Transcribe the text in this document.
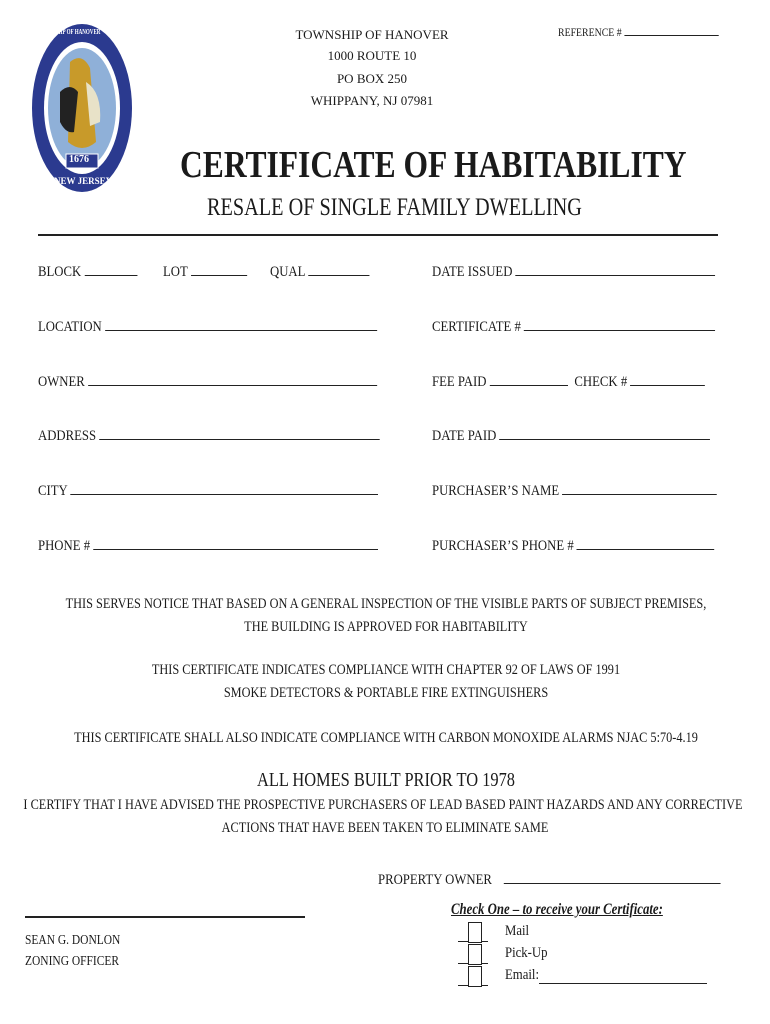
1676
TOWNSHIP OF HANOVER
NEW JERSEY
REFERENCE #
TOWNSHIP OF HANOVER
1000 ROUTE 10
PO BOX 250
WHIPPANY, NJ 07981
CERTIFICATE OF HABITABILITY
RESALE OF SINGLE FAMILY DWELLING
BLOCK	LOT	QUAL	DATE ISSUED
LOCATION	CERTIFICATE #
OWNER	FEE PAID	CHECK #
ADDRESS	DATE PAID
CITY	PURCHASER’S NAME
PHONE #	PURCHASER’S PHONE #
THIS SERVES NOTICE THAT BASED ON A GENERAL INSPECTION OF THE VISIBLE PARTS OF SUBJECT PREMISES,
THE BUILDING IS APPROVED FOR HABITABILITY
THIS CERTIFICATE INDICATES COMPLIANCE WITH CHAPTER 92 OF LAWS OF 1991
SMOKE DETECTORS & PORTABLE FIRE EXTINGUISHERS
THIS CERTIFICATE SHALL ALSO INDICATE COMPLIANCE WITH CARBON MONOXIDE ALARMS NJAC 5:70-4.19
ALL HOMES BUILT PRIOR TO 1978
I CERTIFY THAT I HAVE ADVISED THE PROSPECTIVE PURCHASERS OF LEAD BASED PAINT HAZARDS AND ANY CORRECTIVE
ACTIONS THAT HAVE BEEN TAKEN TO ELIMINATE SAME
PROPERTY OWNER
SEAN G. DONLON
ZONING OFFICER
Check One – to receive your Certificate:
Mail
Pick-Up
Email:
